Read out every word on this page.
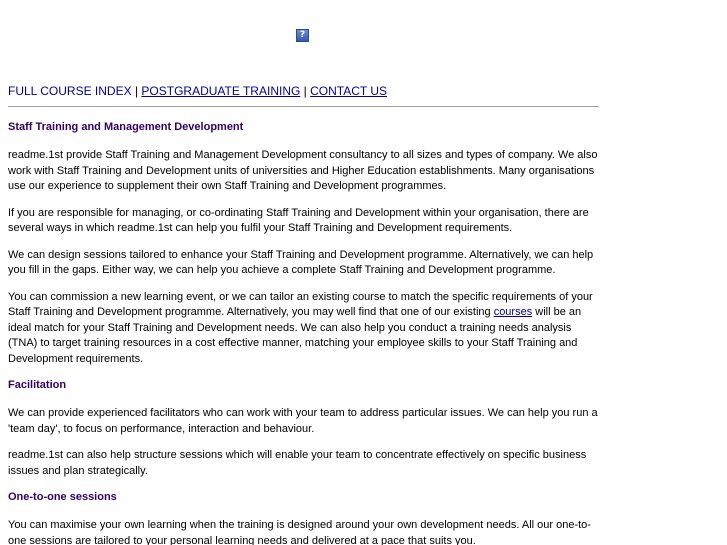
?
FULL COURSE INDEX | POSTGRADUATE TRAINING | CONTACT US
Staff Training and Management Development

readme.1st provide Staff Training and Management Development consultancy to all sizes and types of company. We also work with Staff Training and Development units of universities and Higher Education establishments. Many organisations use our experience to supplement their own Staff Training and Development programmes.

If you are responsible for managing, or co-ordinating Staff Training and Development within your organisation, there are several ways in which readme.1st can help you fulfil your Staff Training and Development requirements.

We can design sessions tailored to enhance your Staff Training and Development programme. Alternatively, we can help you fill in the gaps. Either way, we can help you achieve a complete Staff Training and Development programme.

You can commission a new learning event, or we can tailor an existing course to match the specific requirements of your Staff Training and Development programme. Alternatively, you may well find that one of our existing courses will be an ideal match for your Staff Training and Development needs. We can also help you conduct a training needs analysis (TNA) to target training resources in a cost effective manner, matching your employee skills to your Staff Training and Development requirements.

Facilitation

We can provide experienced facilitators who can work with your team to address particular issues. We can help you run a 'team day', to focus on performance, interaction and behaviour.

readme.1st can also help structure sessions which will enable your team to concentrate effectively on specific business issues and plan strategically.

One-to-one sessions

You can maximise your own learning when the training is designed around your own development needs. All our one-to-one sessions are tailored to your personal learning needs and delivered at a pace that suits you.
